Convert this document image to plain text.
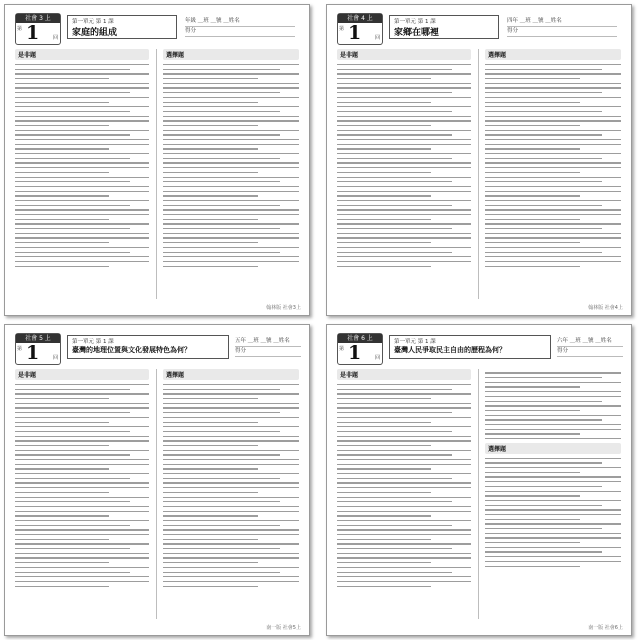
社會 3 上
第 1	回
第一單元 第 1 課
家庭的組成
年級 ＿班 ＿號 ＿姓名
得分
是非題	選擇題
翰林版 社會3上
社會 4 上
第 1	回
第一單元 第 1 課
家鄉在哪裡
四年 ＿班 ＿號 ＿姓名
得分
是非題	選擇題
翰林版 社會4上
社會 5 上
第 1	回
第一單元 第 1 課
臺灣的地理位置與文化發展特色為何？
五年 ＿班 ＿號 ＿姓名
得分
是非題	選擇題
南一版 社會5上
社會 6 上
第 1	回
第一單元 第 1 課
臺灣人民爭取民主自由的歷程為何？
六年 ＿班 ＿號 ＿姓名
得分
是非題
選擇題
南一版 社會6上
